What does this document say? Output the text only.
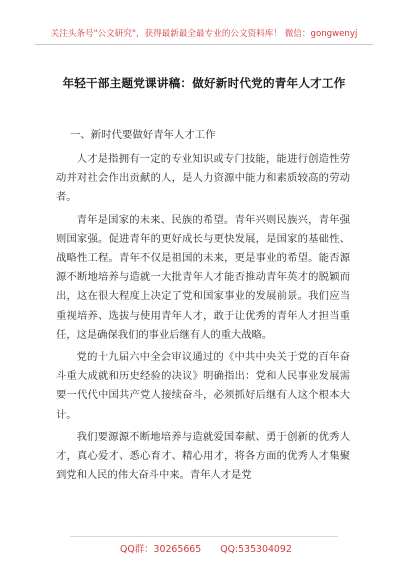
关注头条号"公文研究"，获得最新最全最专业的公文资料库！ 微信：gongwenyj
年轻干部主题党课讲稿：做好新时代党的青年人才工作
一、新时代要做好青年人才工作

人才是指拥有一定的专业知识或专门技能，能进行创造性劳动并对社会作出贡献的人，是人力资源中能力和素质较高的劳动者。

青年是国家的未来、民族的希望。青年兴则民族兴，青年强则国家强。促进青年的更好成长与更快发展，是国家的基础性、战略性工程。青年不仅是祖国的未来，更是事业的希望。能否源源不断地培养与造就一大批青年人才能否推动青年英才的脱颖而出，这在很大程度上决定了党和国家事业的发展前景。我们应当重视培养、选拔与使用青年人才，敢于让优秀的青年人才担当重任，这是确保我们的事业后继有人的重大战略。

党的十九届六中全会审议通过的《中共中央关于党的百年奋斗重大成就和历史经验的决议》明确指出：党和人民事业发展需要一代代中国共产党人接续奋斗，必须抓好后继有人这个根本大计。

我们要源源不断地培养与造就爱国奉献、勇于创新的优秀人才，真心爱才、悉心育才、精心用才，将各方面的优秀人才集聚到党和人民的伟大奋斗中来。青年人才是党

QQ群：30265665 QQ:535304092
